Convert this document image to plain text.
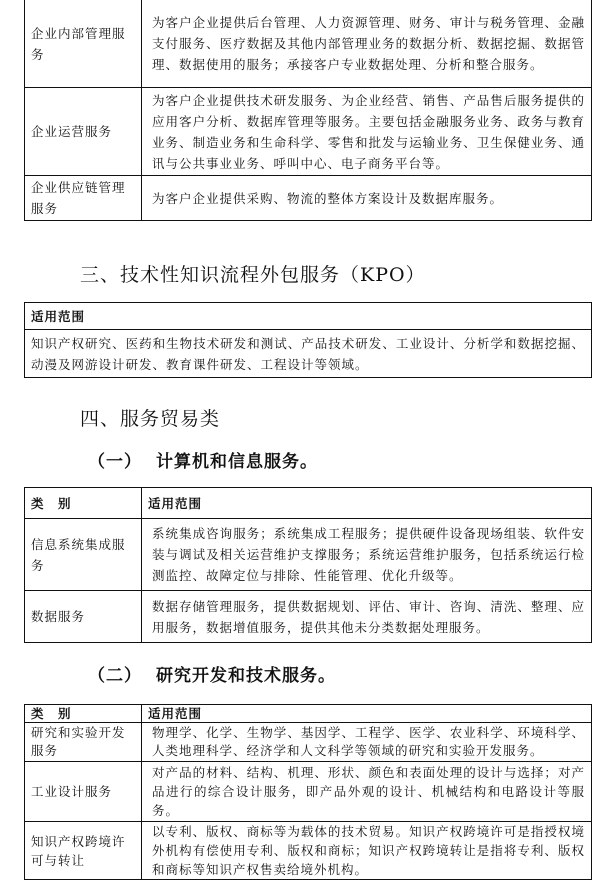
企业内部管理服务	为客户企业提供后台管理、人力资源管理、财务、审计与税务管理、金融支付服务、医疗数据及其他内部管理业务的数据分析、数据挖掘、数据管理、数据使用的服务；承接客户专业数据处理、分析和整合服务。
企业运营服务	为客户企业提供技术研发服务、为企业经营、销售、产品售后服务提供的应用客户分析、数据库管理等服务。主要包括金融服务业务、政务与教育业务、制造业务和生命科学、零售和批发与运输业务、卫生保健业务、通讯与公共事业业务、呼叫中心、电子商务平台等。
企业供应链管理服务	为客户企业提供采购、物流的整体方案设计及数据库服务。
三、技术性知识流程外包服务（KPO）
适用范围
知识产权研究、医药和生物技术研发和测试、产品技术研发、工业设计、分析学和数据挖掘、动漫及网游设计研发、教育课件研发、工程设计等领域。
四、服务贸易类
（一） 计算机和信息服务。
类　别	适用范围
信息系统集成服务	系统集成咨询服务；系统集成工程服务；提供硬件设备现场组装、软件安装与调试及相关运营维护支撑服务；系统运营维护服务，包括系统运行检测监控、故障定位与排除、性能管理、优化升级等。
数据服务	数据存储管理服务，提供数据规划、评估、审计、咨询、清洗、整理、应用服务，数据增值服务，提供其他未分类数据处理服务。
（二） 研究开发和技术服务。
类　别	适用范围
研究和实验开发服务	物理学、化学、生物学、基因学、工程学、医学、农业科学、环境科学、人类地理科学、经济学和人文科学等领域的研究和实验开发服务。
工业设计服务	对产品的材料、结构、机理、形状、颜色和表面处理的设计与选择；对产品进行的综合设计服务，即产品外观的设计、机械结构和电路设计等服务。
知识产权跨境许可与转让	以专利、版权、商标等为载体的技术贸易。知识产权跨境许可是指授权境外机构有偿使用专利、版权和商标；知识产权跨境转让是指将专利、版权和商标等知识产权售卖给境外机构。
